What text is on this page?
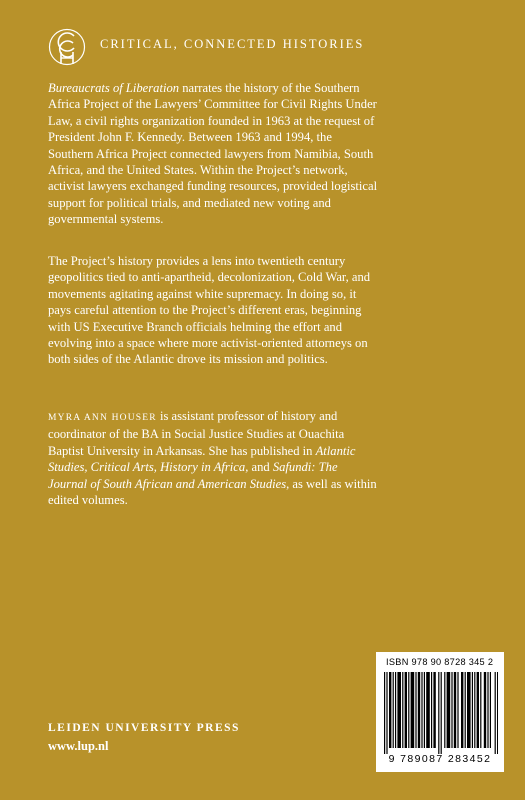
CRITICAL, CONNECTED HISTORIES

Bureaucrats of Liberation narrates the history of the Southern Africa Project of the Lawyers’ Committee for Civil Rights Under Law, a civil rights organization founded in 1963 at the request of President John F. Kennedy. Between 1963 and 1994, the Southern Africa Project connected lawyers from Namibia, South Africa, and the United States. Within the Project’s network, activist lawyers exchanged funding resources, provided logistical support for political trials, and mediated new voting and governmental systems.

The Project’s history provides a lens into twentieth century geopolitics tied to anti-apartheid, decolonization, Cold War, and movements agitating against white supremacy. In doing so, it pays careful attention to the Project’s different eras, beginning with US Executive Branch officials helming the effort and evolving into a space where more activist-oriented attorneys on both sides of the Atlantic drove its mission and politics.

MYRA ANN HOUSER is assistant professor of history and coordinator of the BA in Social Justice Studies at Ouachita Baptist University in Arkansas. She has published in Atlantic Studies, Critical Arts, History in Africa, and Safundi: The Journal of South African and American Studies, as well as within edited volumes.

ISBN 978 90 8728 345 2
9 789087 283452
LEIDEN UNIVERSITY PRESS
www.lup.nl
